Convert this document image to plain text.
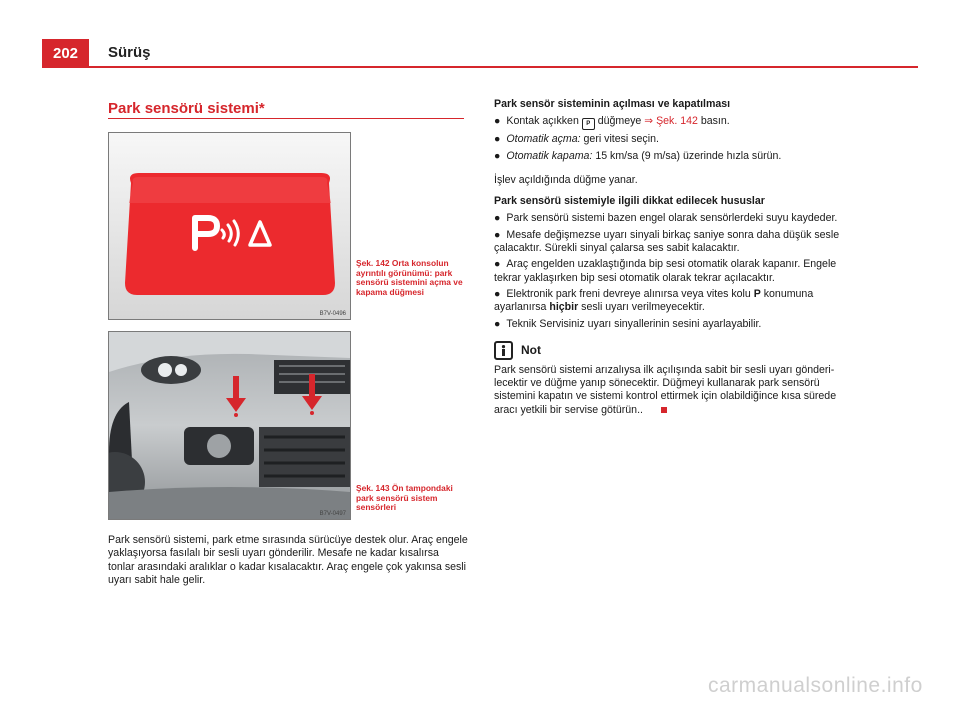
202	Sürüş
Park sensörü sistemi*
B7V-0496
Şek. 142 Orta konsolun ayrıntılı görünümü: park sensörü sistemini açma ve kapama düğmesi
B7V-0497
Şek. 143 Ön tampondaki park sensörü sistem sensörleri

Park sensörü sistemi, park etme sırasında sürücüye destek olur. Araç engele yaklaşıyorsa fasılalı bir sesli uyarı gönderilir. Mesafe ne kadar kısalırsa tonlar arasındaki aralıklar o kadar kısalacaktır. Araç engele çok yakınsa sesli uyarı sabit hale gelir.

Park sensör sisteminin açılması ve kapatılması

● Kontak açıkken P düğmeye ⇒ Şek. 142 basın.

● Otomatik açma: geri vitesi seçin.

● Otomatik kapama: 15 km/sa (9 m/sa) üzerinde hızla sürün.

İşlev açıldığında düğme yanar.

Park sensörü sistemiyle ilgili dikkat edilecek hususlar

● Park sensörü sistemi bazen engel olarak sensörlerdeki suyu kaydeder.

● Mesafe değişmezse uyarı sinyali birkaç saniye sonra daha düşük sesle çalacaktır. Sürekli sinyal çalarsa ses sabit kalacaktır.

● Araç engelden uzaklaştığında bip sesi otomatik olarak kapanır. Engele tekrar yaklaşırken bip sesi otomatik olarak tekrar açılacaktır.

● Elektronik park freni devreye alınırsa veya vites kolu P konumuna ayarlanırsa hiçbir sesli uyarı verilmeyecektir.

● Teknik Servisiniz uyarı sinyallerinin sesini ayarlayabilir.

Not

Park sensörü sistemi arızalıysa ilk açılışında sabit bir sesli uyarı gönderilecektir ve düğme yanıp sönecektir. Düğmeyi kullanarak park sensörü sistemini kapatın ve sistemi kontrol ettirmek için olabildiğince kısa sürede aracı yetkili bir servise götürün..

carmanualsonline.info
